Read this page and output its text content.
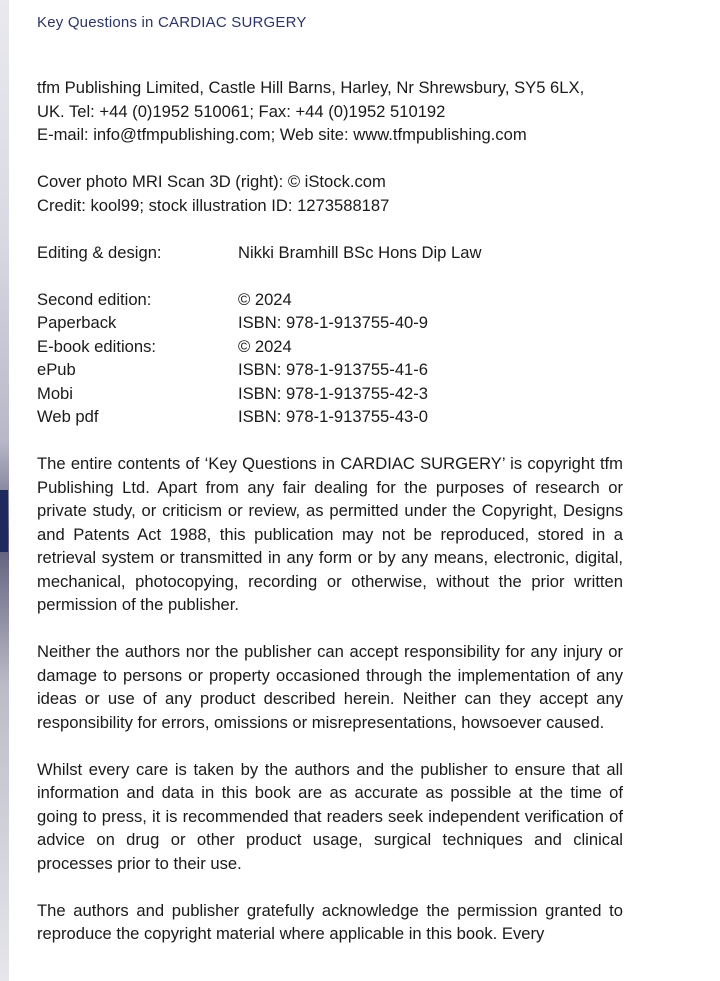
Key Questions in CARDIAC SURGERY
tfm Publishing Limited, Castle Hill Barns, Harley, Nr Shrewsbury, SY5 6LX,
UK. Tel: +44 (0)1952 510061; Fax: +44 (0)1952 510192
E-mail: info@tfmpublishing.com; Web site: www.tfmpublishing.com
Cover photo MRI Scan 3D (right): © iStock.com
Credit: kool99; stock illustration ID: 1273588187
Editing & design:	Nikki Bramhill BSc Hons Dip Law
Second edition:	© 2024
Paperback	ISBN: 978-1-913755-40-9
E-book editions:	© 2024
ePub	ISBN: 978-1-913755-41-6
Mobi	ISBN: 978-1-913755-42-3
Web pdf	ISBN: 978-1-913755-43-0

The entire contents of ‘Key Questions in CARDIAC SURGERY’ is copyright tfm Publishing Ltd. Apart from any fair dealing for the purposes of research or private study, or criticism or review, as permitted under the Copyright, Designs and Patents Act 1988, this publication may not be reproduced, stored in a retrieval system or transmitted in any form or by any means, electronic, digital, mechanical, photocopying, recording or otherwise, without the prior written permission of the publisher.

Neither the authors nor the publisher can accept responsibility for any injury or damage to persons or property occasioned through the implementation of any ideas or use of any product described herein. Neither can they accept any responsibility for errors, omissions or misrepresentations, howsoever caused.

Whilst every care is taken by the authors and the publisher to ensure that all information and data in this book are as accurate as possible at the time of going to press, it is recommended that readers seek independent verification of advice on drug or other product usage, surgical techniques and clinical processes prior to their use.

The authors and publisher gratefully acknowledge the permission granted to reproduce the copyright material where applicable in this book. Every
